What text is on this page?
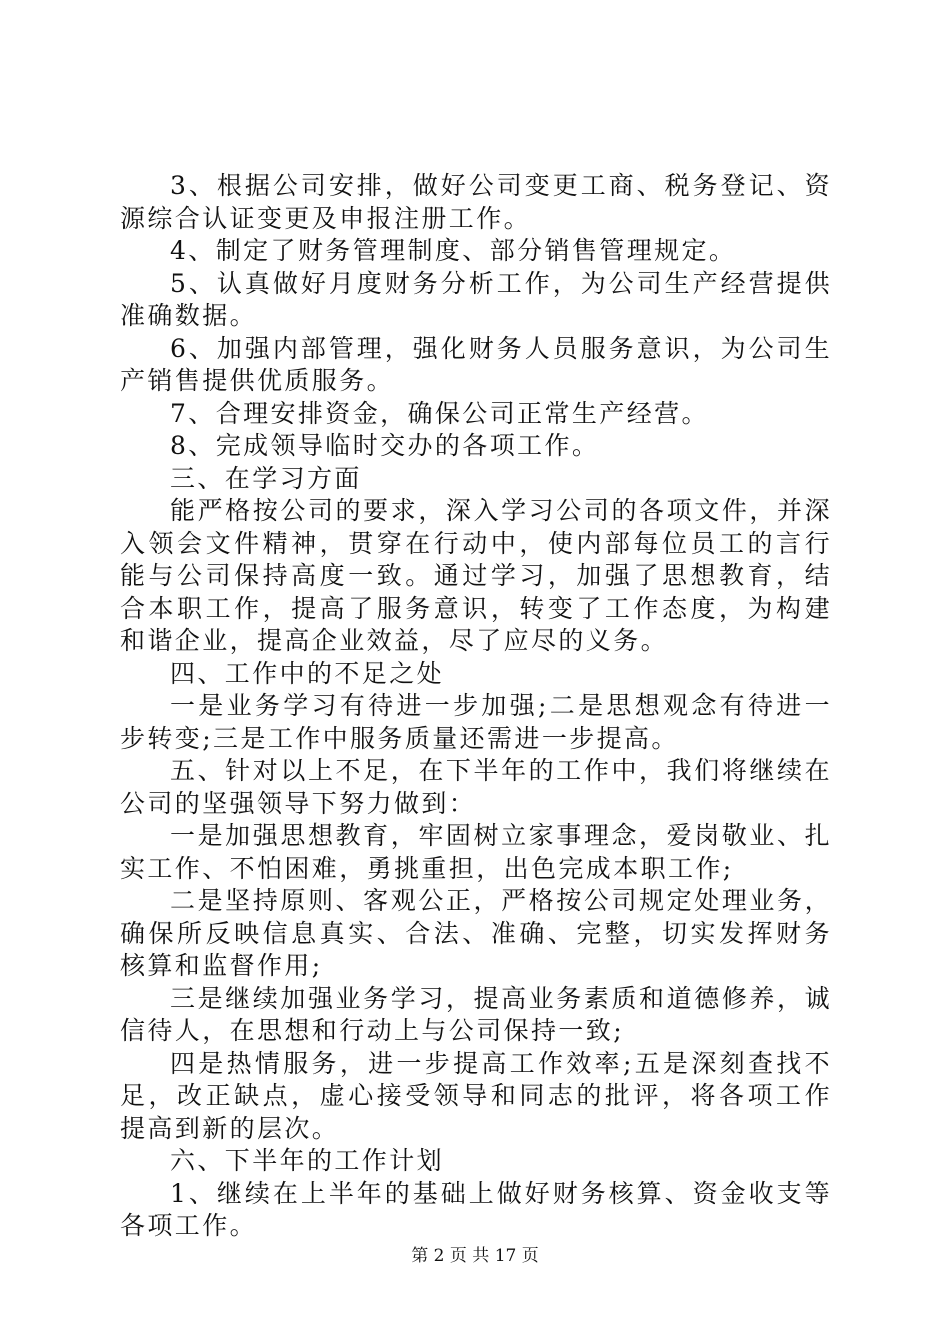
3、根据公司安排，做好公司变更工商、税务登记、资源综合认证变更及申报注册工作。

4、制定了财务管理制度、部分销售管理规定。

5、认真做好月度财务分析工作，为公司生产经营提供准确数据。

6、加强内部管理，强化财务人员服务意识，为公司生产销售提供优质服务。

7、合理安排资金，确保公司正常生产经营。

8、完成领导临时交办的各项工作。

三、在学习方面

能严格按公司的要求，深入学习公司的各项文件，并深入领会文件精神，贯穿在行动中，使内部每位员工的言行能与公司保持高度一致。通过学习，加强了思想教育，结合本职工作，提高了服务意识，转变了工作态度，为构建和谐企业，提高企业效益，尽了应尽的义务。

四、工作中的不足之处

一是业务学习有待进一步加强;二是思想观念有待进一步转变;三是工作中服务质量还需进一步提高。

五、针对以上不足，在下半年的工作中，我们将继续在公司的坚强领导下努力做到：

一是加强思想教育，牢固树立家事理念，爱岗敬业、扎实工作、不怕困难，勇挑重担，出色完成本职工作;

二是坚持原则、客观公正，严格按公司规定处理业务，确保所反映信息真实、合法、准确、完整，切实发挥财务核算和监督作用;

三是继续加强业务学习，提高业务素质和道德修养，诚信待人，在思想和行动上与公司保持一致;

四是热情服务，进一步提高工作效率;五是深刻查找不足，改正缺点，虚心接受领导和同志的批评，将各项工作提高到新的层次。

六、下半年的工作计划

1、继续在上半年的基础上做好财务核算、资金收支等各项工作。

第 2 页 共 17 页
